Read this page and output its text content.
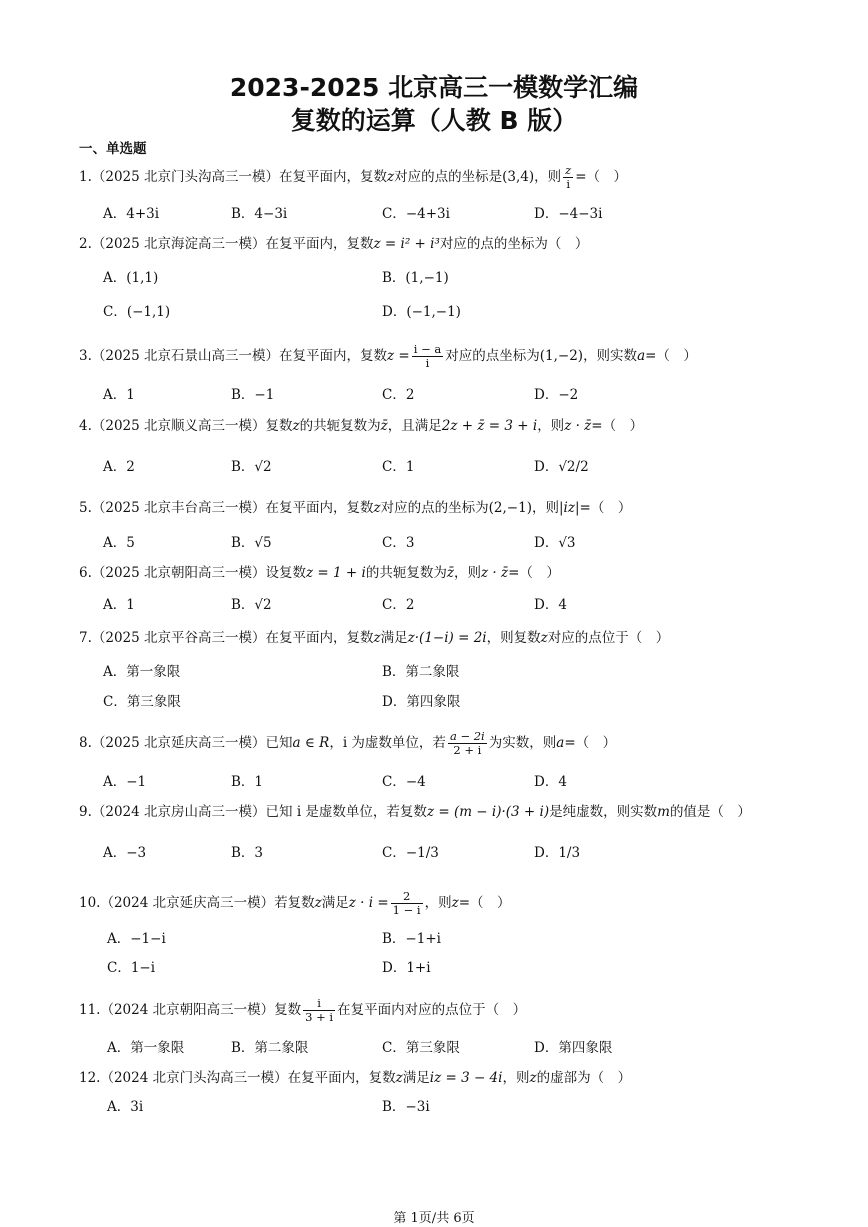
2023-2025 北京高三一模数学汇编
复数的运算（人教 B 版）
一、单选题
1.（2025 北京门头沟高三一模）在复平面内，复数z对应的点的坐标是(3,4)，则 $\frac{z}{i}$ =（　）
A．4+3i	B．4−3i	C．−4+3i	D．−4−3i
2.（2025 北京海淀高三一模）在复平面内，复数z = i² + i³对应的点的坐标为（　）
A．(1,1)	B．(1,−1)
C．(−1,1)	D．(−1,−1)
3.（2025 北京石景山高三一模）在复平面内，复数$z = \frac{i - a}{i}$ 对应的点坐标为(1,−2)，则实数a=（　）
A．1	B．−1	C．2	D．−2
4.（2025 北京顺义高三一模）复数z的共轭复数为z̄，且满足2z + z̄ = 3 + i，则z · z̄=（　）
A．2	B．√2	C．1	D．√2/2
5.（2025 北京丰台高三一模）在复平面内，复数z对应的点的坐标为(2,−1)，则|iz|=（　）
A．5	B．√5	C．3	D．√3
6.（2025 北京朝阳高三一模）设复数z = 1 + i的共轭复数为z̄，则z · z̄=（　）
A．1	B．√2	C．2	D．4
7.（2025 北京平谷高三一模）在复平面内，复数z满足z·(1−i) = 2i，则复数z对应的点位于（　）
A．第一象限	B．第二象限
C．第三象限	D．第四象限
8.（2025 北京延庆高三一模）已知a ∈ R，i 为虚数单位，若 $\frac{a - 2i}{2 + i}$ 为实数，则a=（　）
A．−1	B．1	C．−4	D．4
9.（2024 北京房山高三一模）已知 i 是虚数单位，若复数z = (m − i)·(3 + i)是纯虚数，则实数m的值是（　）
A．−3	B．3	C．−1/3	D．1/3
10.（2024 北京延庆高三一模）若复数z满足$z \cdot i = \frac{2}{1 - i}$ ，则z=（　）
A．−1−i	B．−1+i
C．1−i	D．1+i
11.（2024 北京朝阳高三一模）复数 $\frac{i}{3 + i}$ 在复平面内对应的点位于（　）
A．第一象限	B．第二象限	C．第三象限	D．第四象限
12.（2024 北京门头沟高三一模）在复平面内，复数z满足iz = 3 − 4i，则z的虚部为（　）
A．3i	B．−3i
第 1页/共 6页
